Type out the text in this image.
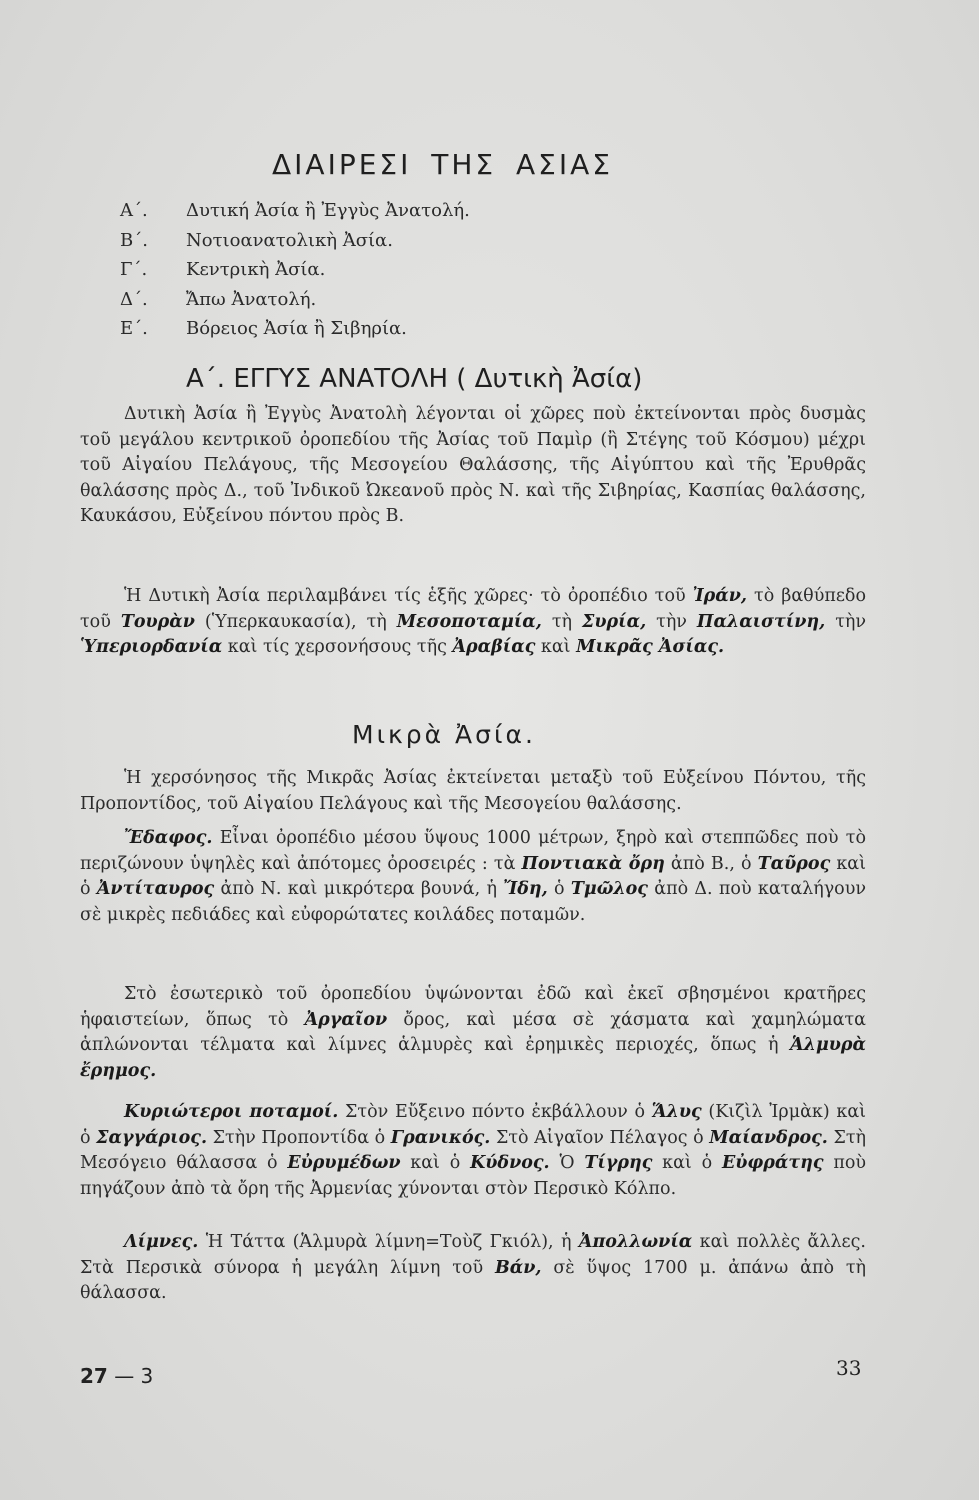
ΔΙΑΙΡΕΣΙ ΤΗΣ ΑΣΙΑΣ
Α΄. Δυτική Ἀσία ἢ Ἐγγὺς Ἀνατολή.
Β΄. Νοτιοανατολικὴ Ἀσία.
Γ΄. Κεντρικὴ Ἀσία.
Δ΄. Ἄπω Ἀνατολή.
Ε΄. Βόρειος Ἀσία ἢ Σιβηρία.
Α΄. ΕΓΓΥΣ ΑΝΑΤΟΛΗ ( Δυτικὴ Ἀσία)

Δυτικὴ Ἀσία ἢ Ἐγγὺς Ἀνατολὴ λέγονται οἱ χῶρες ποὺ ἐκτείνονται πρὸς δυσμὰς τοῦ μεγάλου κεντρικοῦ ὀροπεδίου τῆς Ἀσίας τοῦ Παμὶρ (ἢ Στέγης τοῦ Κόσμου) μέχρι τοῦ Αἰγαίου Πελάγους, τῆς Μεσογείου Θαλάσσης, τῆς Αἰγύπτου καὶ τῆς Ἐρυθρᾶς θαλάσσης πρὸς Δ., τοῦ Ἰνδικοῦ Ὠκεανοῦ πρὸς Ν. καὶ τῆς Σιβηρίας, Κασπίας θαλάσσης, Καυκάσου, Εὐξείνου πόντου πρὸς Β.

Ἡ Δυτικὴ Ἀσία περιλαμβάνει τίς ἑξῆς χῶρες· τὸ ὀροπέδιο τοῦ Ἰράν, τὸ βαθύπεδο τοῦ Τουρὰν (Ὑπερκαυκασία), τὴ Μεσοποταμία, τὴ Συρία, τὴν Παλαιστίνη, τὴν Ὑπεριορδανία καὶ τίς χερσονήσους τῆς Ἀραβίας καὶ Μικρᾶς Ἀσίας.

Μικρὰ Ἀσία.

Ἡ χερσόνησος τῆς Μικρᾶς Ἀσίας ἐκτείνεται μεταξὺ τοῦ Εὐξείνου Πόντου, τῆς Προποντίδος, τοῦ Αἰγαίου Πελάγους καὶ τῆς Μεσογείου θαλάσσης.

Ἔδαφος. Εἶναι ὀροπέδιο μέσου ὕψους 1000 μέτρων, ξηρὸ καὶ στεππῶδες ποὺ τὸ περιζώνουν ὑψηλὲς καὶ ἀπότομες ὀροσειρές : τὰ Ποντιακὰ ὄρη ἀπὸ Β., ὁ Ταῦρος καὶ ὁ Ἀντίταυρος ἀπὸ Ν. καὶ μικρότερα βουνά, ἡ Ἴδη, ὁ Τμῶλος ἀπὸ Δ. ποὺ καταλήγουν σὲ μικρὲς πεδιάδες καὶ εὐφορώτατες κοιλάδες ποταμῶν.

Στὸ ἐσωτερικὸ τοῦ ὀροπεδίου ὑψώνονται ἐδῶ καὶ ἐκεῖ σβησμένοι κρατῆρες ἡφαιστείων, ὅπως τὸ Ἀργαῖον ὄρος, καὶ μέσα σὲ χάσματα καὶ χαμηλώματα ἁπλώνονται τέλματα καὶ λίμνες ἁλμυρὲς καὶ ἐρημικὲς περιοχές, ὅπως ἡ Ἁλμυρὰ ἔρημος.

Κυριώτεροι ποταμοί. Στὸν Εὔξεινο πόντο ἐκβάλλουν ὁ Ἅλυς (Κιζὶλ Ἰρμὰκ) καὶ ὁ Σαγγάριος. Στὴν Προποντίδα ὁ Γρανικός. Στὸ Αἰγαῖον Πέλαγος ὁ Μαίανδρος. Στὴ Μεσόγειο θάλασσα ὁ Εὐρυμέδων καὶ ὁ Κύδνος. Ὁ Τίγρης καὶ ὁ Εὐφράτης ποὺ πηγάζουν ἀπὸ τὰ ὄρη τῆς Ἀρμενίας χύνονται στὸν Περσικὸ Κόλπο.

Λίμνες. Ἡ Τάττα (Ἁλμυρὰ λίμνη=Τοὺζ Γκιόλ), ἡ Ἀπολλωνία καὶ πολλὲς ἄλλες. Στὰ Περσικὰ σύνορα ἡ μεγάλη λίμνη τοῦ Βάν, σὲ ὕψος 1700 μ. ἀπάνω ἀπὸ τὴ θάλασσα.

27 — 3	33
